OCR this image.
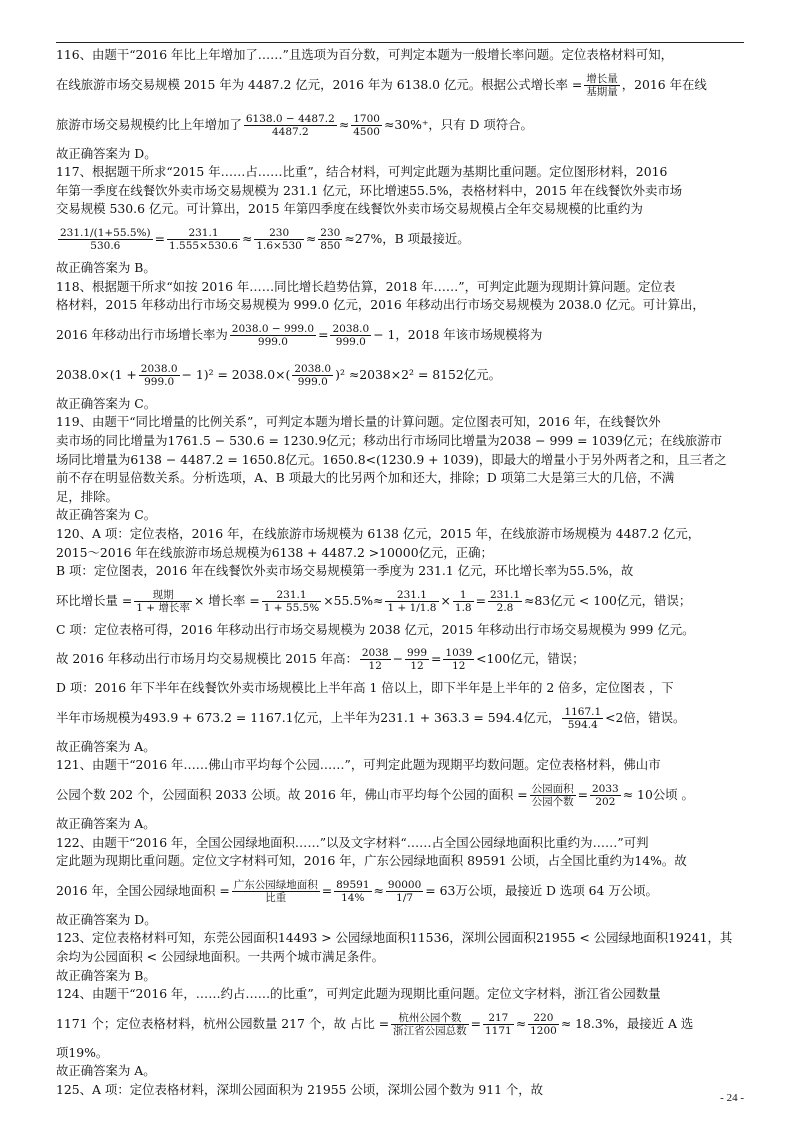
116、由题干“2016 年比上年增加了……”且选项为百分数，可判定本题为一般增长率问题。定位表格材料可知，
在线旅游市场交易规模 2015 年为 4487.2 亿元，2016 年为 6138.0 亿元。根据公式增长率 = 增长量
基期量 ，2016 年在线
旅游市场交易规模约比上年增加了 $\frac{6138.0 - 4487.2}{4487.2} \approx \frac{1700}{4500} \approx 30\%^+$，只有 D 项符合。
故正确答案为 D。
117、根据题干所求“2015 年……占……比重”，结合材料，可判定此题为基期比重问题。定位图形材料，2016
年第一季度在线餐饮外卖市场交易规模为 231.1 亿元，环比增速55.5%，表格材料中，2015 年在线餐饮外卖市场
交易规模 530.6 亿元。可计算出，2015 年第四季度在线餐饮外卖市场交易规模占全年交易规模的比重约为
$\frac{231.1/(1+55.5\%)}{530.6} = \frac{231.1}{1.555\times 530.6} \approx \frac{230}{1.6\times 530} \approx \frac{230}{850} \approx 27\%$，B 项最接近。
故正确答案为 B。
118、根据题干所求“如按 2016 年……同比增长趋势估算，2018 年……”，可判定此题为现期计算问题。定位表
格材料，2015 年移动出行市场交易规模为 999.0 亿元，2016 年移动出行市场交易规模为 2038.0 亿元。可计算出，
2016 年移动出行市场增长率为 $\frac{2038.0 - 999.0}{999.0} = \frac{2038.0}{999.0} - 1$，2018 年该市场规模将为
$2038.0\times(1 + \frac{2038.0}{999.0} - 1)^2 = 2038.0\times( \frac{2038.0}{999.0} )^2 \approx 2038\times 2^2 = 8152$亿元。
故正确答案为 C。
119、由题干“同比增量的比例关系”，可判定本题为增长量的计算问题。定位图表可知，2016 年，在线餐饮外
卖市场的同比增量为1761.5 − 530.6 = 1230.9亿元；移动出行市场同比增量为2038 − 999 = 1039亿元；在线旅游市
场同比增量为6138 − 4487.2 = 1650.8亿元。1650.8<(1230.9 + 1039)，即最大的增量小于另外两者之和，且三者之
前不存在明显倍数关系。分析选项，A、B 项最大的比另两个加和还大，排除；D 项第二大是第三大的几倍，不满
足，排除。
故正确答案为 C。
120、A 项：定位表格，2016 年，在线旅游市场规模为 6138 亿元，2015 年，在线旅游市场规模为 4487.2 亿元，
2015～2016 年在线旅游市场总规模为6138 + 4487.2 >10000亿元，正确；
B 项：定位图表，2016 年在线餐饮外卖市场交易规模第一季度为 231.1 亿元，环比增长率为55.5%，故
环比增长量 =	现期
1 + 增长率 × 增长率 = $\frac{231.1}{1 + 55.5\%} \times 55.5\%\approx \frac{231.1}{1 + 1/1.8} \times \frac{1}{1.8} = \frac{231.1}{2.8} \approx 83$亿元 < 100亿元，错误；
C 项：定位表格可得，2016 年移动出行市场交易规模为 2038 亿元，2015 年移动出行市场交易规模为 999 亿元。
故 2016 年移动出行市场月均交易规模比 2015 年高： $\frac{2038}{12} - \frac{999}{12} = \frac{1039}{12} <100$亿元，错误；
D 项：2016 年下半年在线餐饮外卖市场规模比上半年高 1 倍以上，即下半年是上半年的 2 倍多，定位图表 ，下
半年市场规模为493.9 + 673.2 = 1167.1亿元，上半年为231.1 + 363.3 = 594.4亿元， $\frac{1167.1}{594.4} <2$倍，错误。
故正确答案为 A。
121、由题干“2016 年……佛山市平均每个公园……”，可判定此题为现期平均数问题。定位表格材料，佛山市
公园个数 202 个，公园面积 2033 公顷。故 2016 年，佛山市平均每个公园的面积 = 公园面积
公园个数 = $\frac{2033}{202} \approx 10$公顷 。
故正确答案为 A。
122、由题干“2016 年，全国公园绿地面积……”以及文字材料“……占全国公园绿地面积比重约为……”可判
定此题为现期比重问题。定位文字材料可知，2016 年，广东公园绿地面积 89591 公顷，占全国比重约为14%。故
2016 年，全国公园绿地面积 = 广东公园绿地面积
比重	= $\frac{89591}{14\%} \approx \frac{90000}{1/7} = 63$万公顷，最接近 D 选项 64 万公顷。
故正确答案为 D。
123、定位表格材料可知，东莞公园面积14493 > 公园绿地面积11536，深圳公园面积21955 < 公园绿地面积19241，其
余均为公园面积 < 公园绿地面积。一共两个城市满足条件。
故正确答案为 B。
124、由题干“2016 年，……约占……的比重”，可判定此题为现期比重问题。定位文字材料，浙江省公园数量
1171 个；定位表格材料，杭州公园数量 217 个，故 占比 = 杭州公园个数
浙江省公园总数 = $\frac{217}{1171} \approx \frac{220}{1200} \approx 18.3\%$，最接近 A 选
项19%。
故正确答案为 A。
125、A 项：定位表格材料，深圳公园面积为 21955 公顷，深圳公园个数为 911 个，故
- 24 -
